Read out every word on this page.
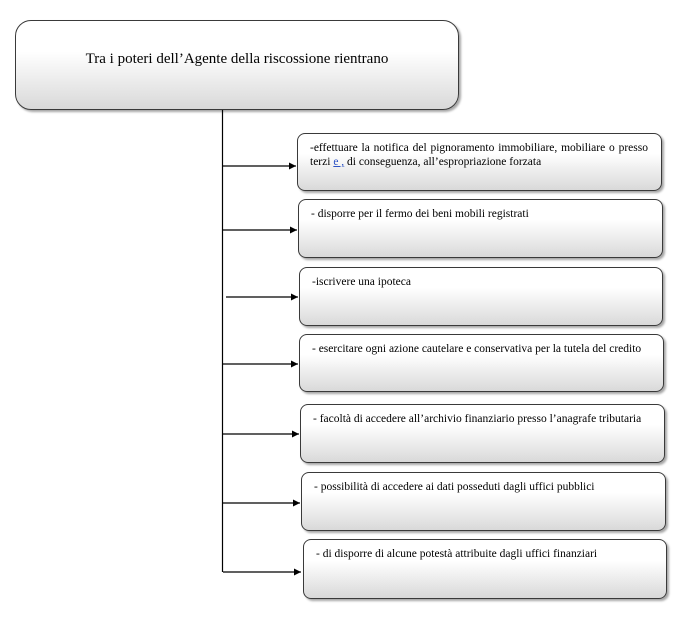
Tra i poteri dell’Agente della riscossione rientrano
-effettuare la notifica del pignoramento immobiliare, mobiliare o presso terzi e , di conseguenza, all’espropriazione forzata
- disporre per il fermo dei beni mobili registrati
-iscrivere una ipoteca
- esercitare ogni azione cautelare e conservativa per la tutela del credito
- facoltà di accedere all’archivio finanziario presso l’anagrafe tributaria
- possibilità di accedere ai dati posseduti dagli uffici pubblici
- di disporre di alcune potestà attribuite dagli uffici finanziari
